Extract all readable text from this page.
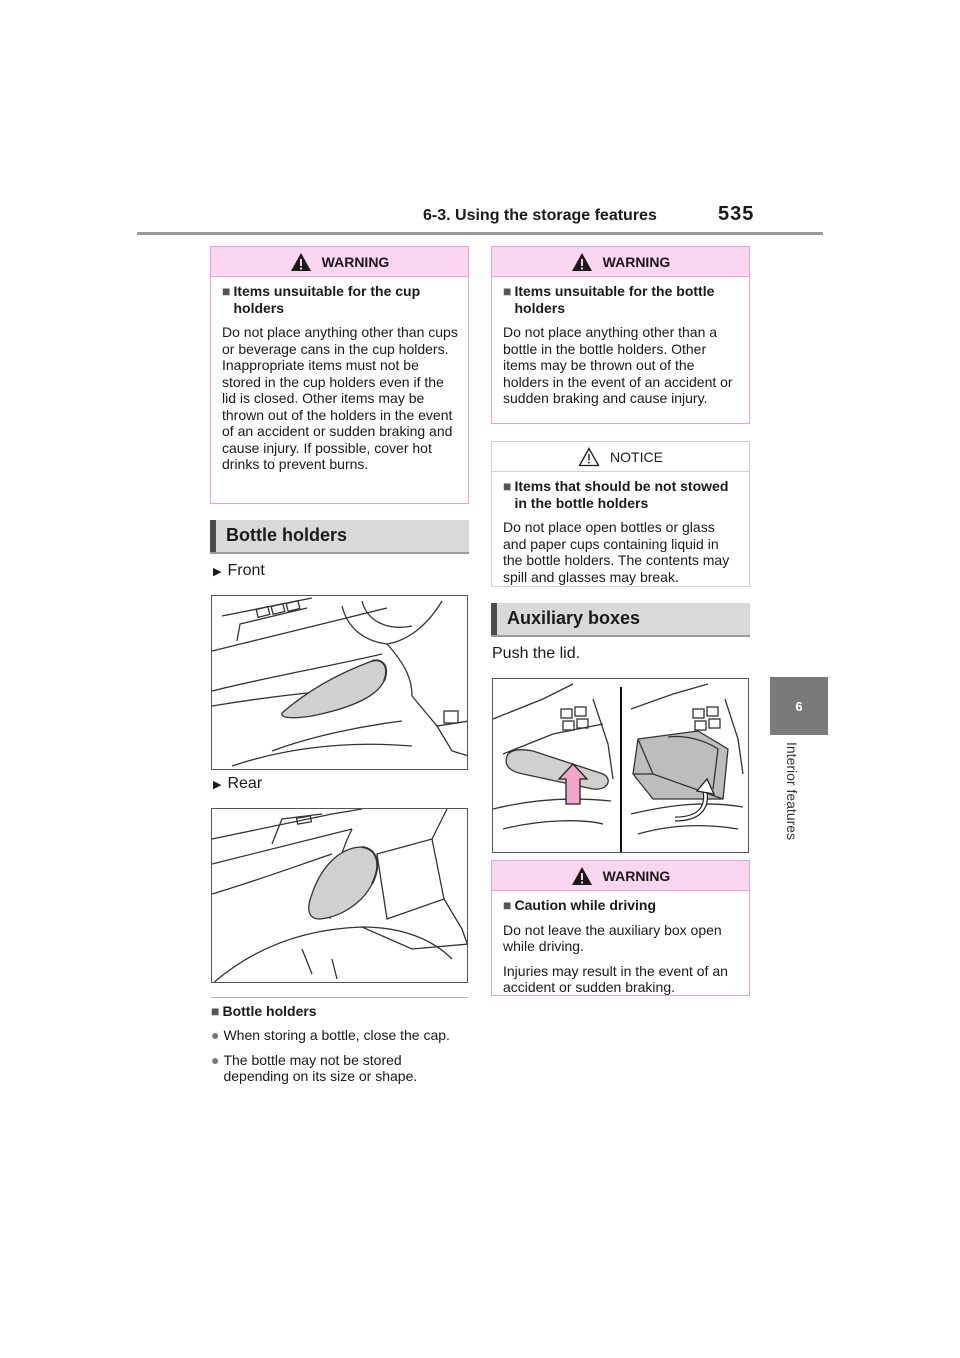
6-3. Using the storage features	535
6
Interior features
WARNING
■ Items unsuitable for the cup holders
Do not place anything other than cups or beverage cans in the cup holders. Inappropriate items must not be stored in the cup holders even if the lid is closed. Other items may be thrown out of the holders in the event of an accident or sudden braking and cause injury. If possible, cover hot drinks to prevent burns.
Bottle holders
▶ Front
▶ Rear
■ Bottle holders
● When storing a bottle, close the cap.
● The bottle may not be stored depending on its size or shape.
WARNING
■ Items unsuitable for the bottle holders
Do not place anything other than a bottle in the bottle holders. Other items may be thrown out of the holders in the event of an accident or sudden braking and cause injury.
NOTICE
■ Items that should be not stowed in the bottle holders
Do not place open bottles or glass and paper cups containing liquid in the bottle holders. The contents may spill and glasses may break.
Auxiliary boxes
Push the lid.
WARNING
■ Caution while driving
Do not leave the auxiliary box open while driving.
Injuries may result in the event of an accident or sudden braking.
